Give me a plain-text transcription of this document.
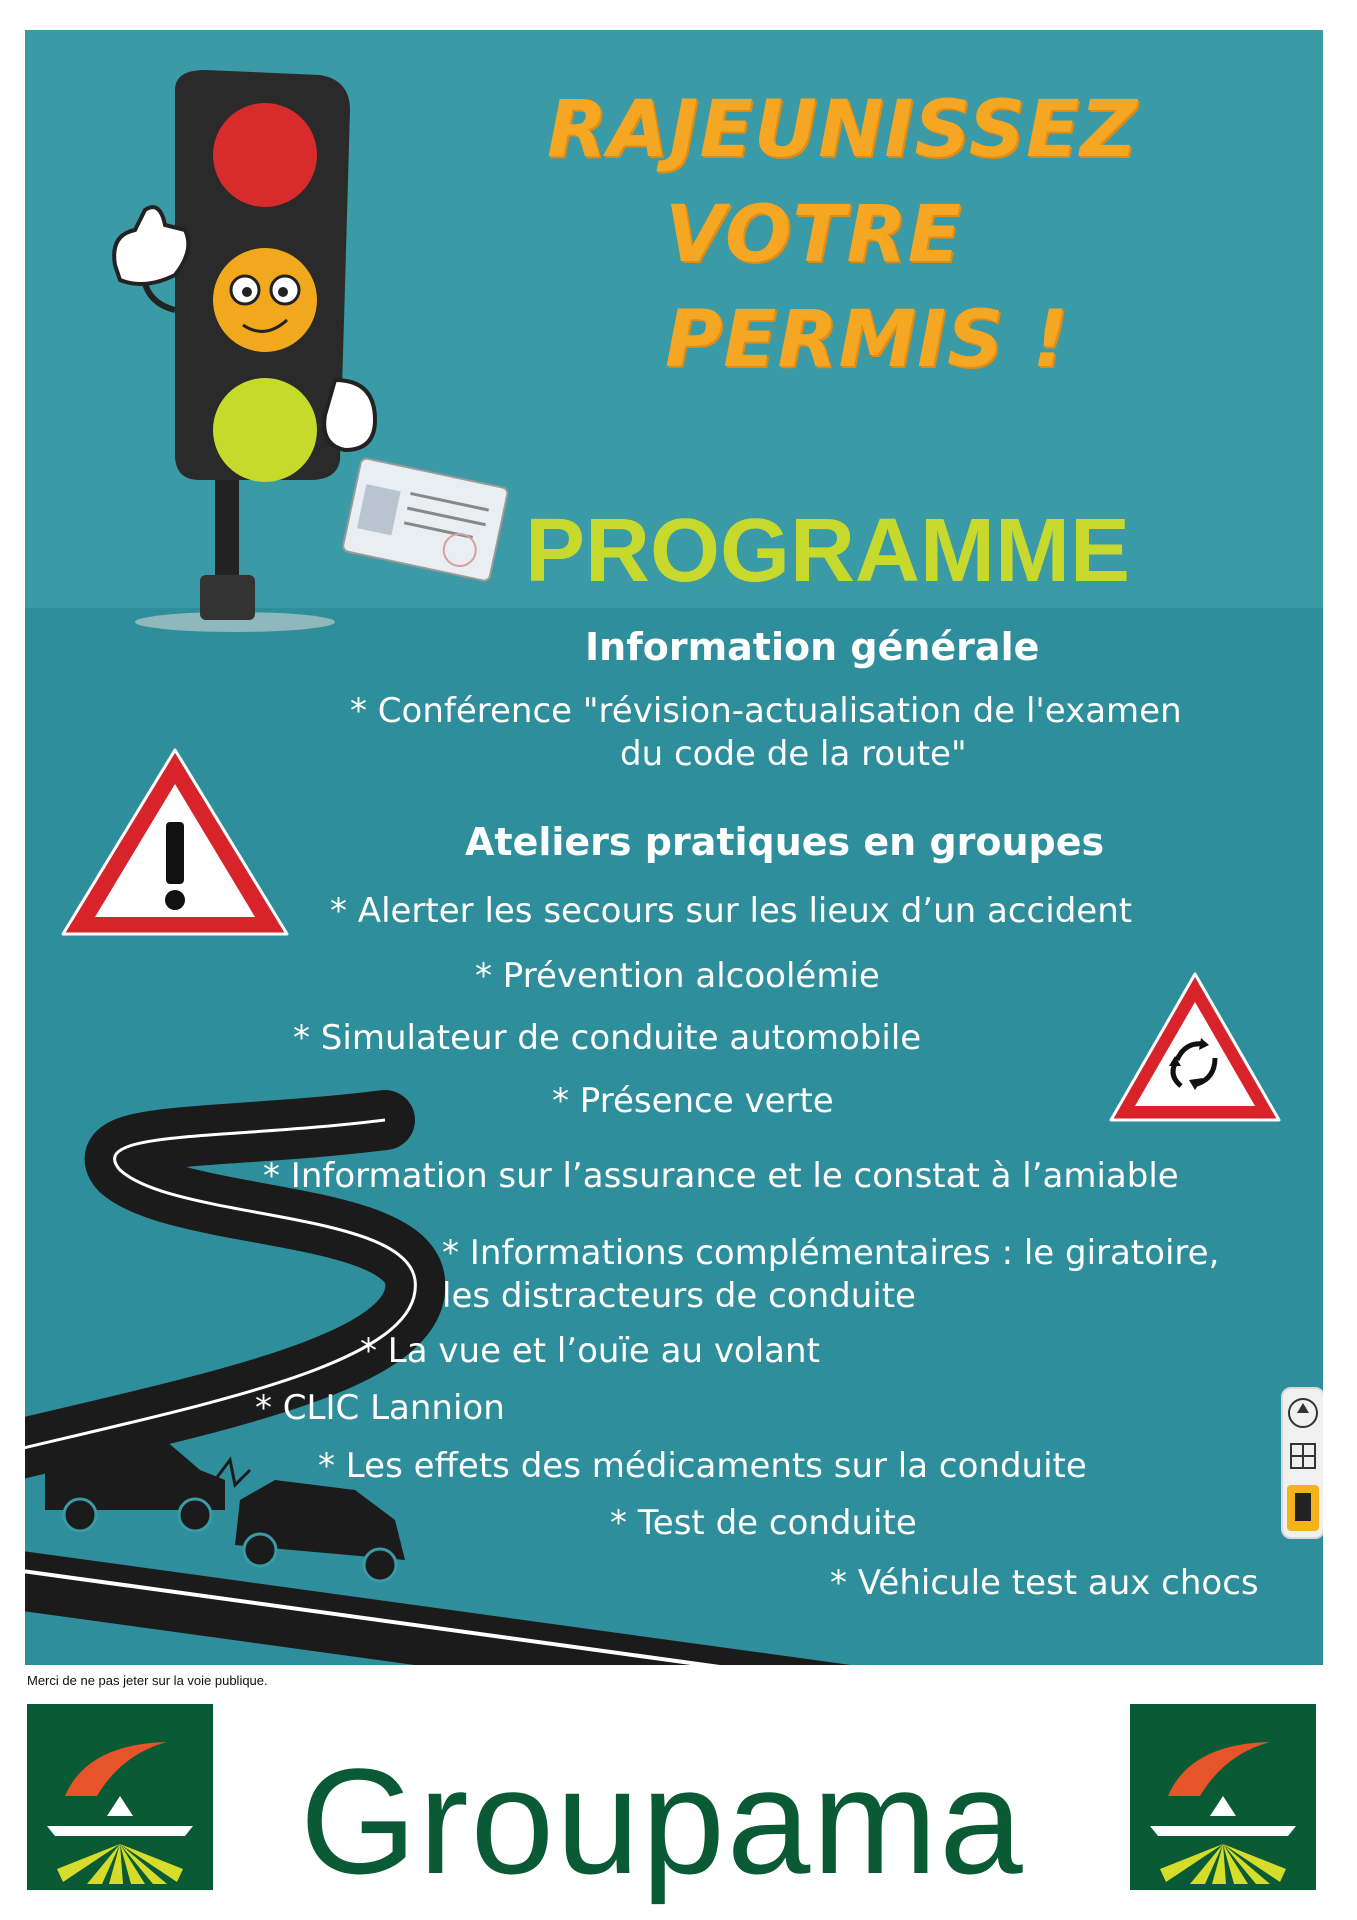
RAJEUNISSEZ
VOTRE
PERMIS !
PROGRAMME
Information générale
* Conférence "révision-actualisation de l'examen
du code de la route"
Ateliers pratiques en groupes
* Alerter les secours sur les lieux d’un accident
* Prévention alcoolémie
* Simulateur de conduite automobile
* Présence verte
* Information sur l’assurance et le constat à l’amiable
* Informations complémentaires : le giratoire,
les distracteurs de conduite
* La vue et l’ouïe au volant
* CLIC Lannion
* Les effets des médicaments sur la conduite
* Test de conduite
* Véhicule test aux chocs
Merci de ne pas jeter sur la voie publique.
Groupama
